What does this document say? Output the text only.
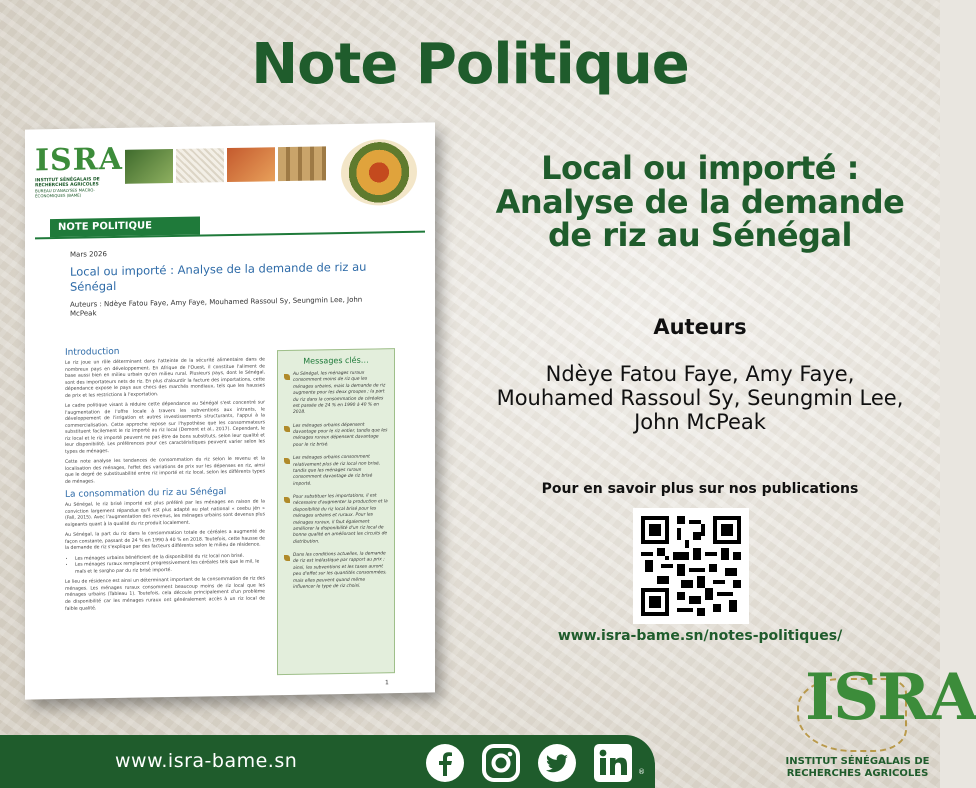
Note Politique
ISRA
INSTITUT SÉNÉGALAIS DE RECHERCHES AGRICOLES
BUREAU D'ANALYSES MACRO-ÉCONOMIQUES (BAME)
NOTE POLITIQUE
Mars 2026
Local ou importé : Analyse de la demande de riz au Sénégal
Auteurs : Ndèye Fatou Faye, Amy Faye, Mouhamed Rassoul Sy, Seungmin Lee, John McPeak
Introduction

Le riz joue un rôle déterminant dans l'atteinte de la sécurité alimentaire dans de nombreux pays en développement. En Afrique de l'Ouest, il constitue l'aliment de base aussi bien en milieu urbain qu'en milieu rural. Plusieurs pays, dont le Sénégal, sont des importateurs nets de riz. En plus d'alourdir la facture des importations, cette dépendance expose le pays aux chocs des marchés mondiaux, tels que les hausses de prix et les restrictions à l'exportation.

Le cadre politique visant à réduire cette dépendance au Sénégal s'est concentré sur l'augmentation de l'offre locale à travers les subventions aux intrants, le développement de l'irrigation et autres investissements structurants, l'appui à la commercialisation. Cette approche repose sur l'hypothèse que les consommateurs substituent facilement le riz importé au riz local (Demont et al., 2017). Cependant, le riz local et le riz importé peuvent ne pas être de bons substituts, selon leur qualité et leur disponibilité. Les préférences pour ces caractéristiques peuvent varier selon les types de ménages.

Cette note analyse les tendances de consommation du riz selon le revenu et la localisation des ménages, l'effet des variations de prix sur les dépenses en riz, ainsi que le degré de substituabilité entre riz importé et riz local, selon les différents types de ménages.

La consommation du riz au Sénégal

Au Sénégal, le riz brisé importé est plus préféré par les ménages en raison de la conviction largement répandue qu'il est plus adapté au plat national « ceebu jën » (Fall, 2015). Avec l'augmentation des revenus, les ménages urbains sont devenus plus exigeants quant à la qualité du riz produit localement.

Au Sénégal, la part du riz dans la consommation totale de céréales a augmenté de façon constante, passant de 24 % en 1990 à 40 % en 2018. Toutefois, cette hausse de la demande de riz s'explique par des facteurs différents selon le milieu de résidence.

• Les ménages urbains bénéficient de la disponibilité du riz local non brisé.
• Les ménages ruraux remplacent progressivement les céréales tels que le mil, le maïs et le sorgho par du riz brisé importé.

Le lieu de résidence est ainsi un déterminant important de la consommation de riz des ménages. Les ménages ruraux consomment beaucoup moins de riz local que les ménages urbains (Tableau 1). Toutefois, cela découle principalement d'un problème de disponibilité car les ménages ruraux ont généralement accès à un riz local de faible qualité.

Messages clés…
Au Sénégal, les ménages ruraux consomment moins de riz que les ménages urbains, mais la demande de riz augmente pour les deux groupes ; la part du riz dans la consommation de céréales est passée de 24 % en 1990 à 40 % en 2018.
Les ménages urbains dépensent davantage pour le riz entier, tandis que les ménages ruraux dépensent davantage pour le riz brisé.
Les ménages urbains consomment relativement plus de riz local non brisé, tandis que les ménages ruraux consomment davantage de riz brisé importé.
Pour substituer les importations, il est nécessaire d'augmenter la production et la disponibilité du riz local brisé pour les ménages urbains et ruraux. Pour les ménages ruraux, il faut également améliorer la disponibilité d'un riz local de bonne qualité en améliorant les circuits de distribution.
Dans les conditions actuelles, la demande de riz est inélastique par rapport au prix ; ainsi, les subventions et les taxes auront peu d'effet sur les quantités consommées, mais elles peuvent quand même influencer le type de riz choisi.
1
Local ou importé :
Analyse de la demande
de riz au Sénégal
Auteurs
Ndèye Fatou Faye, Amy Faye,
Mouhamed Rassoul Sy, Seungmin Lee,
John McPeak
Pour en savoir plus sur nos publications
www.isra-bame.sn/notes-politiques/
www.isra-bame.sn	®
ISRA
INSTITUT SÉNÉGALAIS DE
RECHERCHES AGRICOLES
